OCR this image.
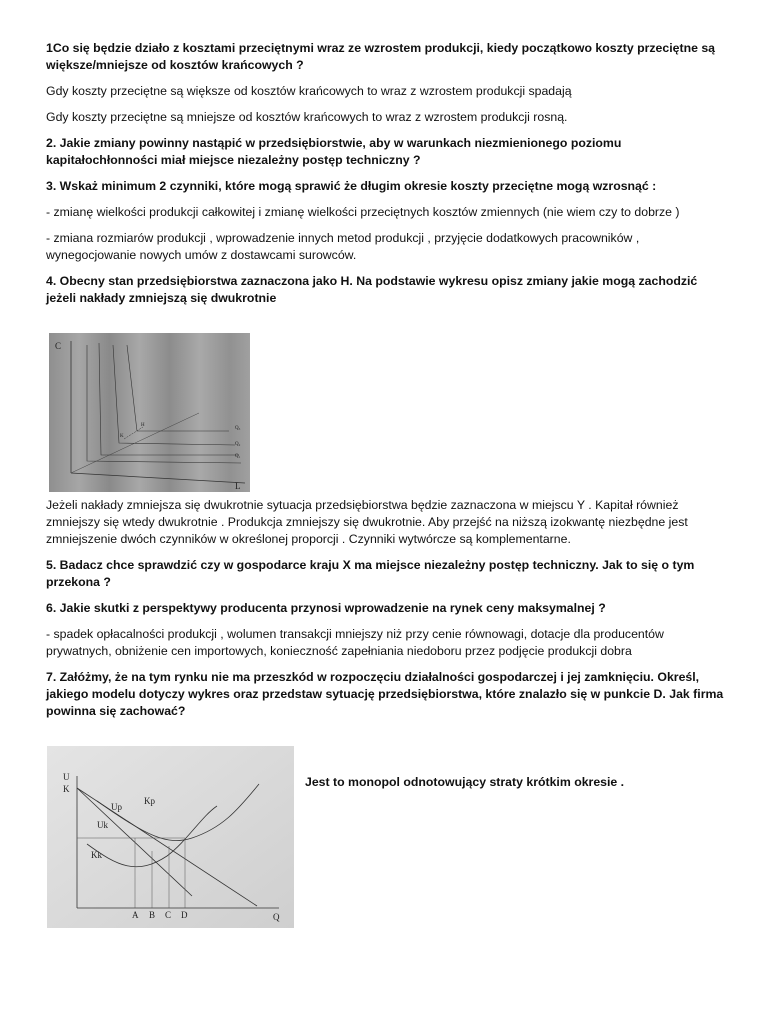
1Co się będzie działo z kosztami przeciętnymi wraz ze wzrostem produkcji, kiedy początkowo koszty przeciętne są większe/mniejsze od kosztów krańcowych ?

Gdy koszty przeciętne są większe od kosztów krańcowych to wraz z wzrostem produkcji spadają

Gdy koszty przeciętne są mniejsze od kosztów krańcowych to wraz z wzrostem produkcji rosną.

2. Jakie zmiany powinny nastąpić w przedsiębiorstwie, aby w warunkach niezmienionego poziomu kapitałochłonności miał miejsce niezależny postęp techniczny ?

3. Wskaż minimum 2 czynniki, które mogą sprawić że długim okresie koszty przeciętne mogą wzrosnąć :

- zmianę wielkości produkcji całkowitej i zmianę wielkości przeciętnych kosztów zmiennych (nie wiem czy to dobrze )

- zmiana rozmiarów produkcji , wprowadzenie innych metod produkcji , przyjęcie dodatkowych pracowników , wynegocjowanie nowych umów z dostawcami surowców.

4. Obecny stan przedsiębiorstwa zaznaczona jako H. Na podstawie wykresu opisz zmiany jakie mogą zachodzić jeżeli nakłady zmniejszą się dwukrotnie

Jeżeli nakłady zmniejsza się dwukrotnie sytuacja przedsiębiorstwa będzie zaznaczona w miejscu Y . Kapitał również zmniejszy się wtedy dwukrotnie . Produkcja zmniejszy się dwukrotnie. Aby przejść na niższą izokwantę niezbędne jest zmniejszenie dwóch czynników w określonej proporcji . Czynniki wytwórcze są komplementarne.

5. Badacz chce sprawdzić czy w gospodarce kraju X ma miejsce niezależny postęp techniczny. Jak to się o tym przekona ?

6. Jakie skutki z perspektywy producenta przynosi wprowadzenie na rynek ceny maksymalnej ?

- spadek opłacalności produkcji , wolumen transakcji mniejszy niż przy cenie równowagi, dotacje dla producentów prywatnych, obniżenie cen importowych, konieczność zapełniania niedoboru przez podjęcie produkcji dobra

7. Załóżmy, że na tym rynku nie ma przeszkód w rozpoczęciu działalności gospodarczej i jej zamknięciu. Określ, jakiego modelu dotyczy wykres oraz przedstaw sytuację przedsiębiorstwa, które znalazło się w punkcie D. Jak firma powinna się zachować?

C
L
H
K
Q₃
Q₂
Q₁
U
K
Q
Up
Kp
Uk
Kk
A B C D
Jest to monopol odnotowujący straty krótkim okresie .
